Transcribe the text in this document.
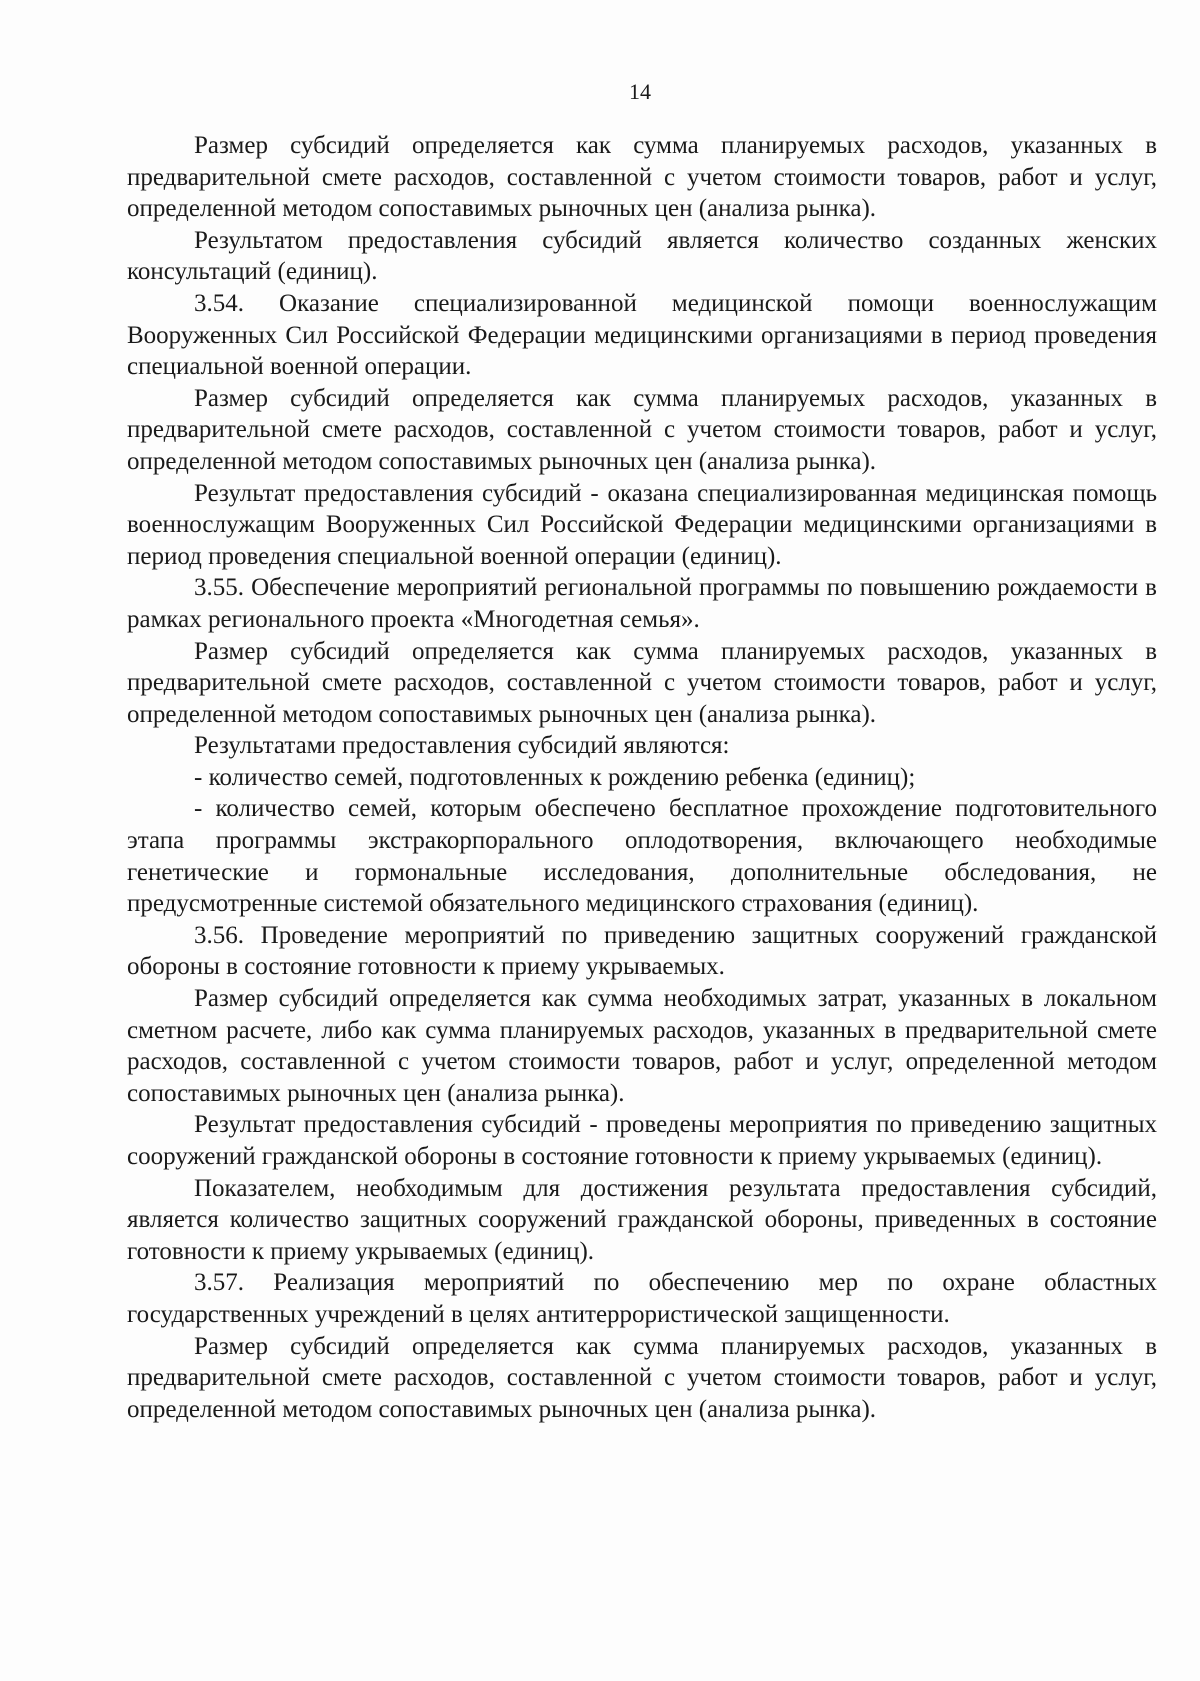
14

Размер субсидий определяется как сумма планируемых расходов, указанных в предварительной смете расходов, составленной с учетом стоимости товаров, работ и услуг, определенной методом сопоставимых рыночных цен (анализа рынка).

Результатом предоставления субсидий является количество созданных женских консультаций (единиц).

3.54. Оказание специализированной медицинской помощи военнослужащим Вооруженных Сил Российской Федерации медицинскими организациями в период проведения специальной военной операции.

Размер субсидий определяется как сумма планируемых расходов, указанных в предварительной смете расходов, составленной с учетом стоимости товаров, работ и услуг, определенной методом сопоставимых рыночных цен (анализа рынка).

Результат предоставления субсидий - оказана специализированная медицинская помощь военнослужащим Вооруженных Сил Российской Федерации медицинскими организациями в период проведения специальной военной операции (единиц).

3.55. Обеспечение мероприятий региональной программы по повышению рождаемости в рамках регионального проекта «Многодетная семья».

Размер субсидий определяется как сумма планируемых расходов, указанных в предварительной смете расходов, составленной с учетом стоимости товаров, работ и услуг, определенной методом сопоставимых рыночных цен (анализа рынка).

Результатами предоставления субсидий являются:

- количество семей, подготовленных к рождению ребенка (единиц);

- количество семей, которым обеспечено бесплатное прохождение подготовительного этапа программы экстракорпорального оплодотворения, включающего необходимые генетические и гормональные исследования, дополнительные обследования, не предусмотренные системой обязательного медицинского страхования (единиц).

3.56. Проведение мероприятий по приведению защитных сооружений гражданской обороны в состояние готовности к приему укрываемых.

Размер субсидий определяется как сумма необходимых затрат, указанных в локальном сметном расчете, либо как сумма планируемых расходов, указанных в предварительной смете расходов, составленной с учетом стоимости товаров, работ и услуг, определенной методом сопоставимых рыночных цен (анализа рынка).

Результат предоставления субсидий - проведены мероприятия по приведению защитных сооружений гражданской обороны в состояние готовности к приему укрываемых (единиц).

Показателем, необходимым для достижения результата предоставления субсидий, является количество защитных сооружений гражданской обороны, приведенных в состояние готовности к приему укрываемых (единиц).

3.57. Реализация мероприятий по обеспечению мер по охране областных государственных учреждений в целях антитеррористической защищенности.

Размер субсидий определяется как сумма планируемых расходов, указанных в предварительной смете расходов, составленной с учетом стоимости товаров, работ и услуг, определенной методом сопоставимых рыночных цен (анализа рынка).
